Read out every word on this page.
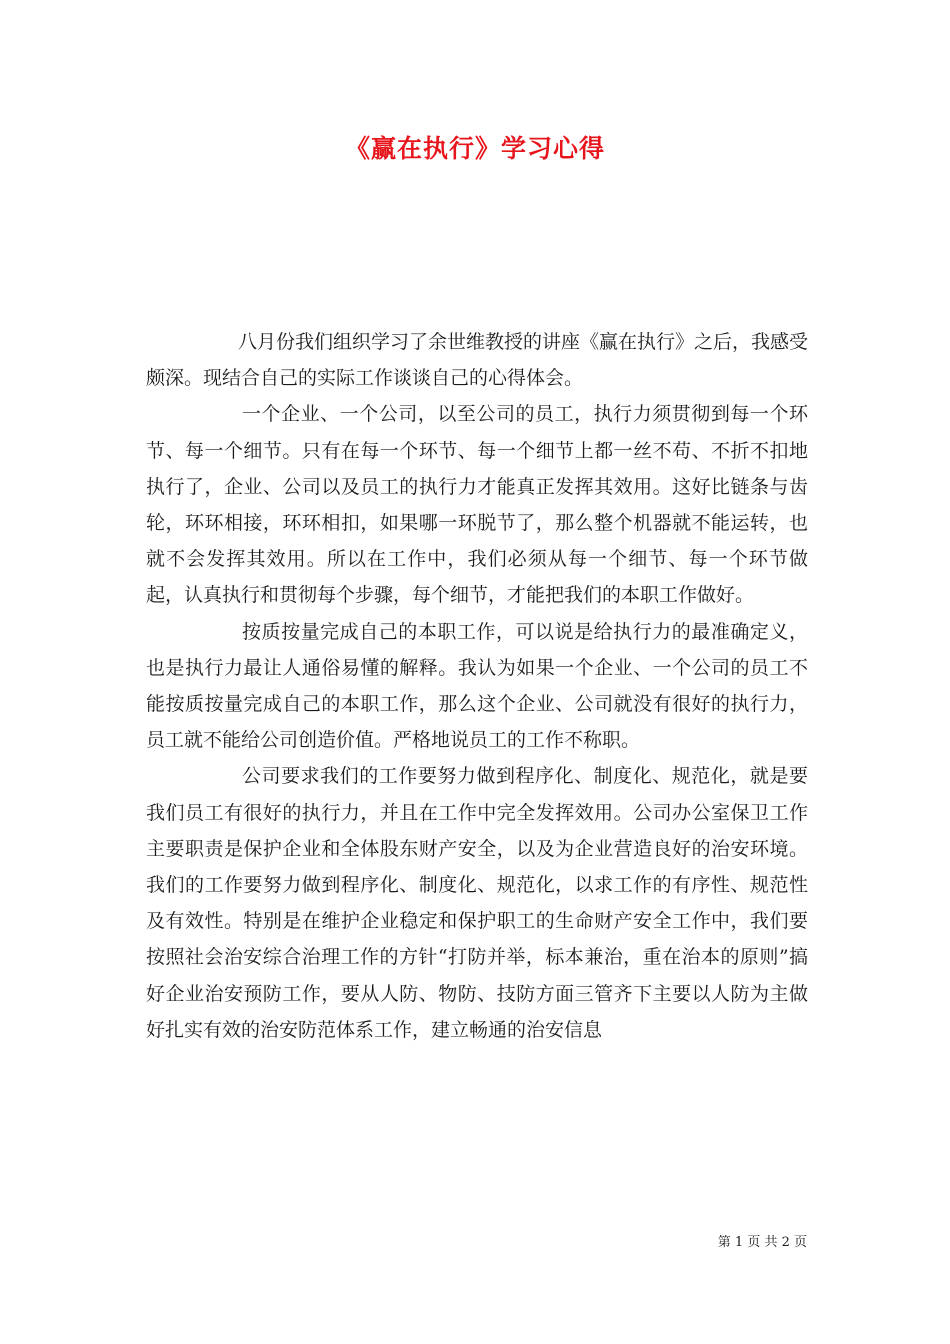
《赢在执行》学习心得

八月份我们组织学习了余世维教授的讲座《赢在执行》之后，我感受颇深。现结合自己的实际工作谈谈自己的心得体会。

一个企业、一个公司，以至公司的员工，执行力须贯彻到每一个环节、每一个细节。只有在每一个环节、每一个细节上都一丝不苟、不折不扣地执行了，企业、公司以及员工的执行力才能真正发挥其效用。这好比链条与齿轮，环环相接，环环相扣，如果哪一环脱节了，那么整个机器就不能运转，也就不会发挥其效用。所以在工作中，我们必须从每一个细节、每一个环节做起，认真执行和贯彻每个步骤，每个细节，才能把我们的本职工作做好。

按质按量完成自己的本职工作，可以说是给执行力的最准确定义，也是执行力最让人通俗易懂的解释。我认为如果一个企业、一个公司的员工不能按质按量完成自己的本职工作，那么这个企业、公司就没有很好的执行力，员工就不能给公司创造价值。严格地说员工的工作不称职。

公司要求我们的工作要努力做到程序化、制度化、规范化，就是要我们员工有很好的执行力，并且在工作中完全发挥效用。公司办公室保卫工作主要职责是保护企业和全体股东财产安全，以及为企业营造良好的治安环境。我们的工作要努力做到程序化、制度化、规范化，以求工作的有序性、规范性及有效性。特别是在维护企业稳定和保护职工的生命财产安全工作中，我们要按照社会治安综合治理工作的方针“打防并举，标本兼治，重在治本的原则”搞好企业治安预防工作，要从人防、物防、技防方面三管齐下主要以人防为主做好扎实有效的治安防范体系工作，建立畅通的治安信息

第 1 页 共 2 页
